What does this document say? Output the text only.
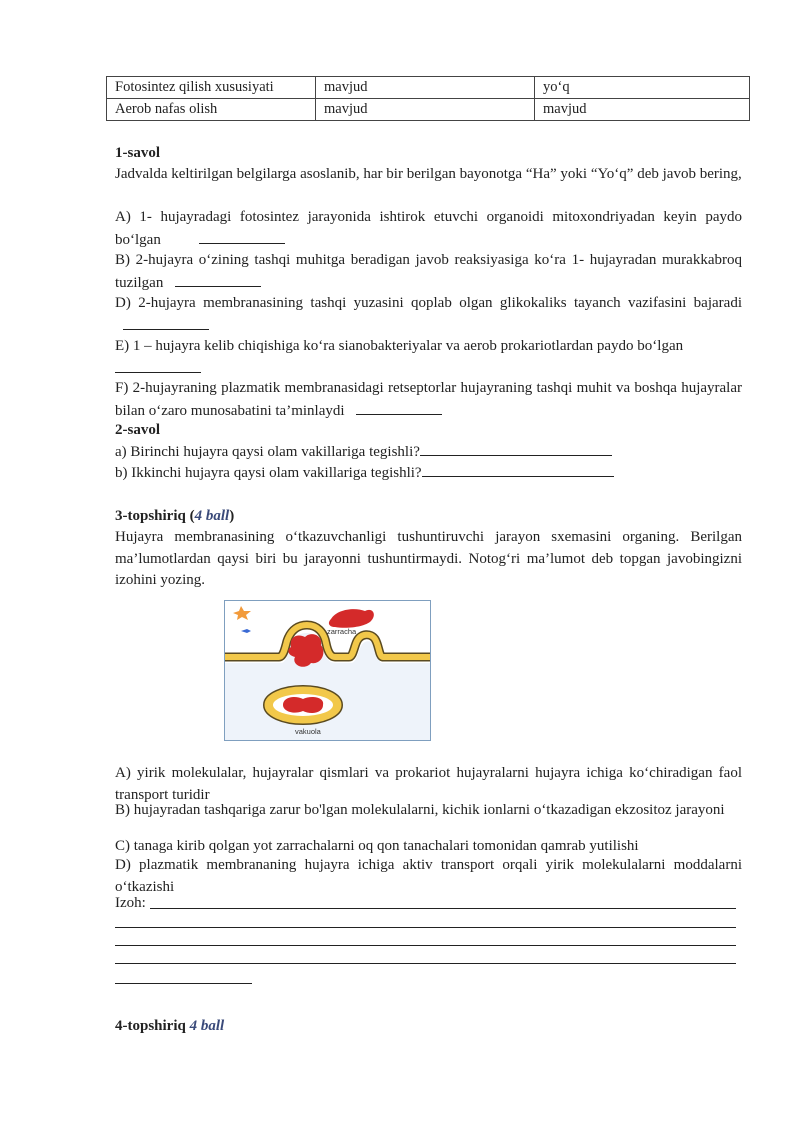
Fotosintez qilish xususiyati	mavjud	yo‘q
Aerob nafas olish	mavjud	mavjud
1-savol
Jadvalda keltirilgan belgilarga asoslanib, har bir berilgan bayonotga “Ha” yoki “Yo‘q” deb javob bering,
A) 1- hujayradagi fotosintez jarayonida ishtirok etuvchi organoidi mitoxondriyadan keyin paydo bo‘lgan
B) 2-hujayra o‘zining tashqi muhitga beradigan javob reaksiyasiga ko‘ra 1- hujayradan murakkabroq tuzilgan
D) 2-hujayra membranasining tashqi yuzasini qoplab olgan glikokaliks tayanch vazifasini bajaradi
E) 1 – hujayra kelib chiqishiga ko‘ra sianobakteriyalar va aerob prokariotlardan paydo bo‘lgan

F) 2-hujayraning plazmatik membranasidagi retseptorlar hujayraning tashqi muhit va boshqa hujayralar bilan o‘zaro munosabatini ta’minlaydi
2-savol
a) Birinchi hujayra qaysi olam vakillariga tegishli?
b) Ikkinchi hujayra qaysi olam vakillariga tegishli?
3-topshiriq (4 ball)
Hujayra membranasining o‘tkazuvchanligi tushuntiruvchi jarayon sxemasini organing. Berilgan ma’lumotlardan qaysi biri bu jarayonni tushuntirmaydi. Notog‘ri ma’lumot deb topgan javobingizni izohini yozing.
zarracha
vakuola
A) yirik molekulalar, hujayralar qismlari va prokariot hujayralarni hujayra ichiga ko‘chiradigan faol transport turidir
B) hujayradan tashqariga zarur bo'lgan molekulalarni, kichik ionlarni o‘tkazadigan ekzositoz jarayoni
C) tanaga kirib qolgan yot zarrachalarni oq qon tanachalari tomonidan qamrab yutilishi
D) plazmatik membrananing hujayra ichiga aktiv transport orqali yirik molekulalarni moddalarni o‘tkazishi
Izoh:
4-topshiriq 4 ball
